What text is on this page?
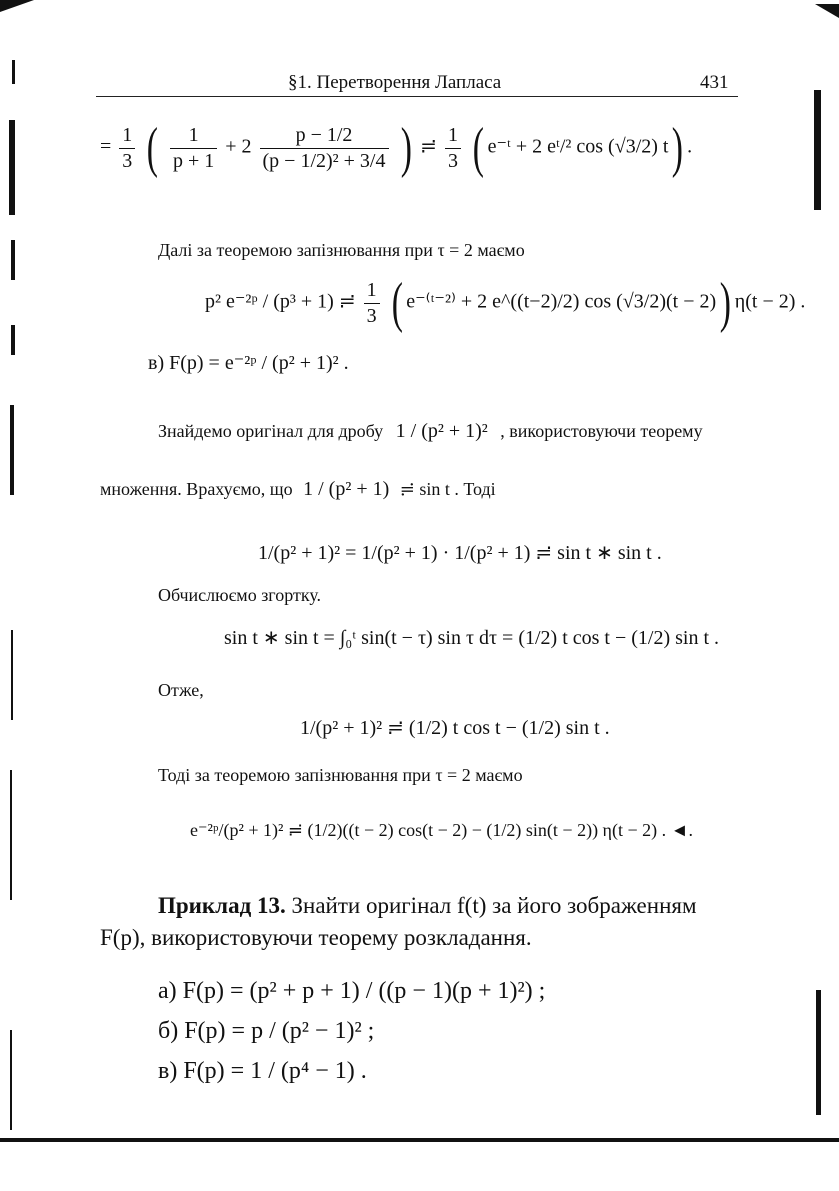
§1. Перетворення Лапласа	431
= $\frac{1}{3}$ ( $\frac{1}{p + 1} + 2 \frac{p - 1/2}{\text{(p − 1/2)² + 3/4}}$ ) ≓ $\frac{1}{3}$ ( e⁻ᵗ + 2 eᵗ/² cos (√3/2) t) .
Далі за теоремою запізнювання при τ = 2 маємо
p² e⁻²ᵖ / (p³ + 1) ≓ $\frac{1}{3}$ ( e⁻⁽ᵗ⁻²⁾ + 2 e^((t−2)/2) cos (√3/2)(t − 2)) η(t − 2) .
в) F(p) = e⁻²ᵖ / (p² + 1)² .
Знайдемо оригінал для дробу 1 / (p² + 1)² , використовуючи теорему
множення. Врахуємо, що 1 / (p² + 1) ≓ sin t . Тоді
1/(p² + 1)² = 1/(p² + 1) · 1/(p² + 1) ≓ sin t ∗ sin t .
Обчислюємо згортку.
sin t ∗ sin t = ∫₀ᵗ sin(t − τ) sin τ dτ = (1/2) t cos t − (1/2) sin t .
Отже,
1/(p² + 1)² ≓ (1/2) t cos t − (1/2) sin t .
Тоді за теоремою запізнювання при τ = 2 маємо
e⁻²ᵖ/(p² + 1)² ≓ (1/2)((t − 2) cos(t − 2) − (1/2) sin(t − 2)) η(t − 2) . ◄.
Приклад 13. Знайти оригінал f(t) за його зображенням
F(p), використовуючи теорему розкладання.
а) F(p) = (p² + p + 1) / ((p − 1)(p + 1)²) ;
б) F(p) = p / (p² − 1)² ;
в) F(p) = 1 / (p⁴ − 1) .
